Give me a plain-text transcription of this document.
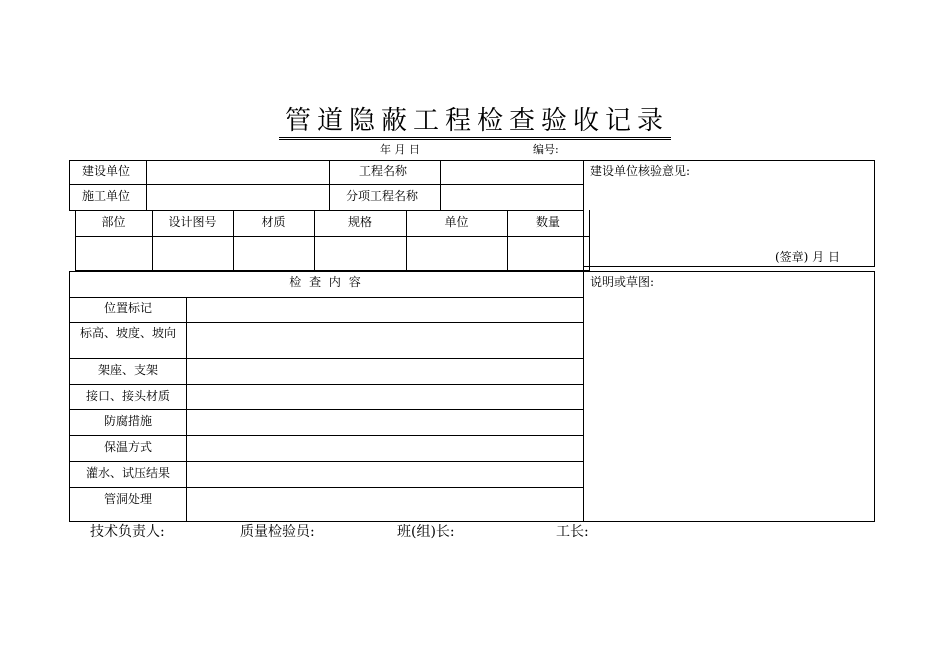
管道隐蔽工程检查验收记录
年 月 日	编号:
建设单位	工程名称
施工单位	分项工程名称
部位	设计图号	材质	规格	单位	数量
建设单位核验意见:
(签章) 月 日
检 查 内 容
位置标记
标高、坡度、坡向
架座、支架
接口、接头材质
防腐措施
保温方式
灌水、试压结果
管洞处理
说明或草图:
技术负责人:	质量检验员:	班(组)长:	工长:
